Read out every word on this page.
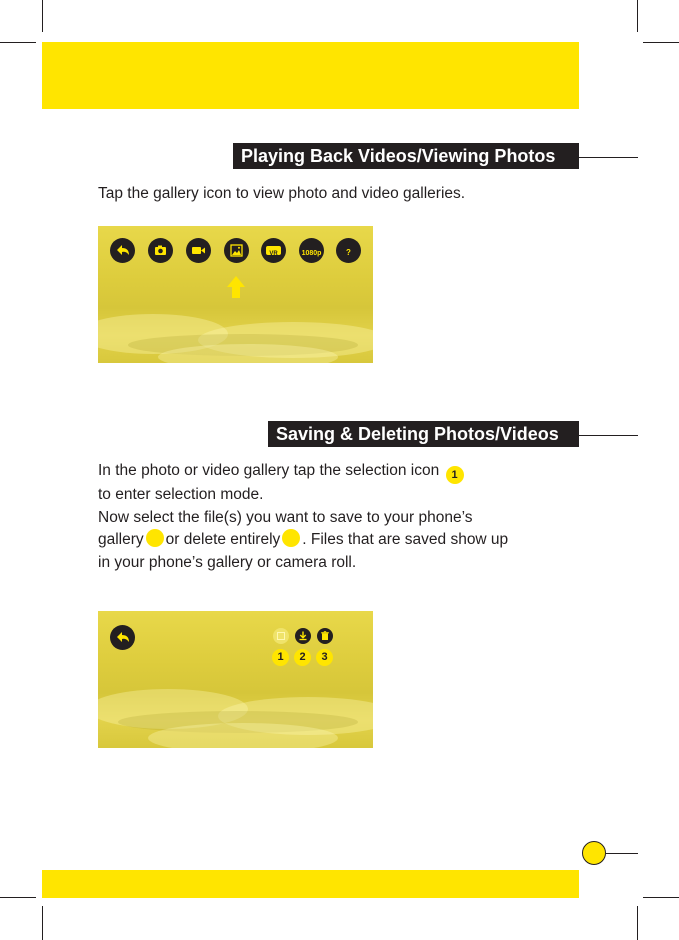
Playing Back Videos/Viewing Photos

Tap the gallery icon to view photo and video galleries.

VR	1080p	?
Saving & Deleting Photos/Videos
In the photo or video gallery tap the selection icon 1
to enter selection mode.
Now select the file(s) you want to save to your phone’s
gallery or delete entirely . Files that are saved show up
in your phone’s gallery or camera roll.
1	2	3
